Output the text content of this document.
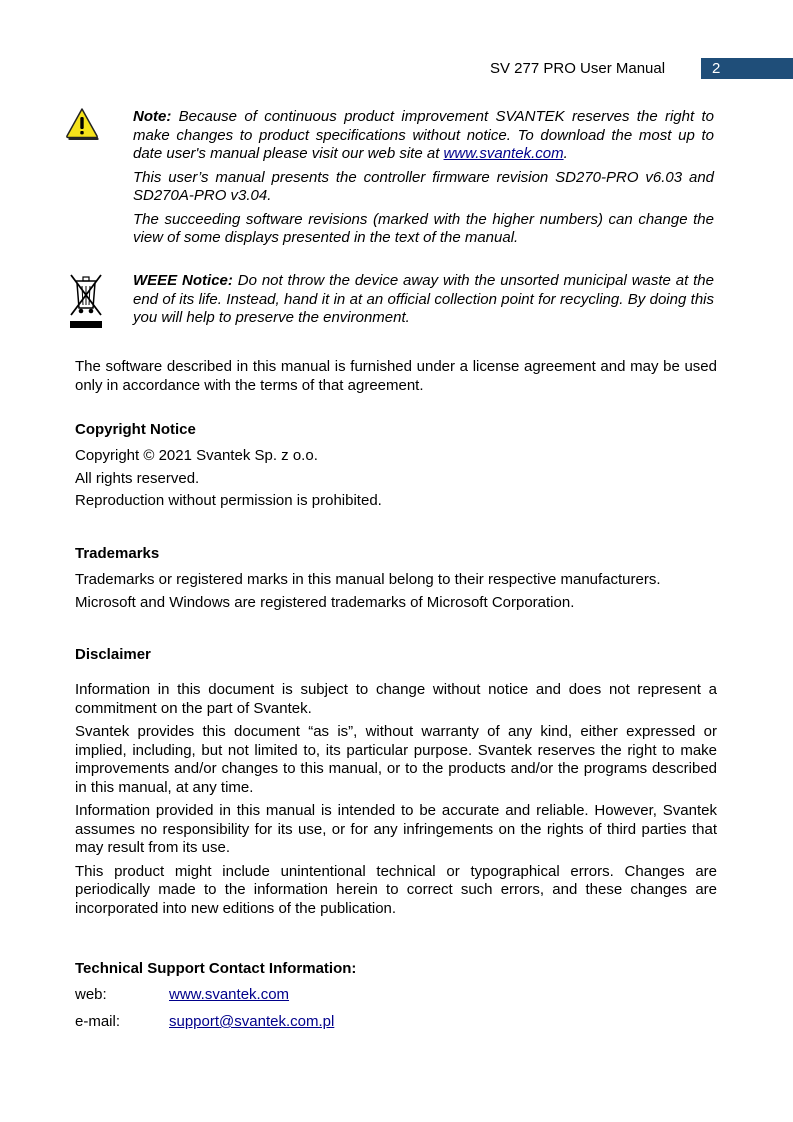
SV 277 PRO User Manual	2

Note: Because of continuous product improvement SVANTEK reserves the right to make changes to product specifications without notice. To download the most up to date user's manual please visit our web site at www.svantek.com.

This user’s manual presents the controller firmware revision SD270-PRO v6.03 and SD270A-PRO v3.04.

The succeeding software revisions (marked with the higher numbers) can change the view of some displays presented in the text of the manual.

WEEE Notice: Do not throw the device away with the unsorted municipal waste at the end of its life. Instead, hand it in at an official collection point for recycling. By doing this you will help to preserve the environment.

The software described in this manual is furnished under a license agreement and may be used only in accordance with the terms of that agreement.

Copyright Notice
Copyright © 2021 Svantek Sp. z o.o.
All rights reserved.
Reproduction without permission is prohibited.
Trademarks
Trademarks or registered marks in this manual belong to their respective manufacturers.
Microsoft and Windows are registered trademarks of Microsoft Corporation.
Disclaimer

Information in this document is subject to change without notice and does not represent a commitment on the part of Svantek.

Svantek provides this document “as is”, without warranty of any kind, either expressed or implied, including, but not limited to, its particular purpose. Svantek reserves the right to make improvements and/or changes to this manual, or to the products and/or the programs described in this manual, at any time.

Information provided in this manual is intended to be accurate and reliable. However, Svantek assumes no responsibility for its use, or for any infringements on the rights of third parties that may result from its use.

This product might include unintentional technical or typographical errors. Changes are periodically made to the information herein to correct such errors, and these changes are incorporated into new editions of the publication.

Technical Support Contact Information:
web:	www.svantek.com
e-mail:	support@svantek.com.pl
